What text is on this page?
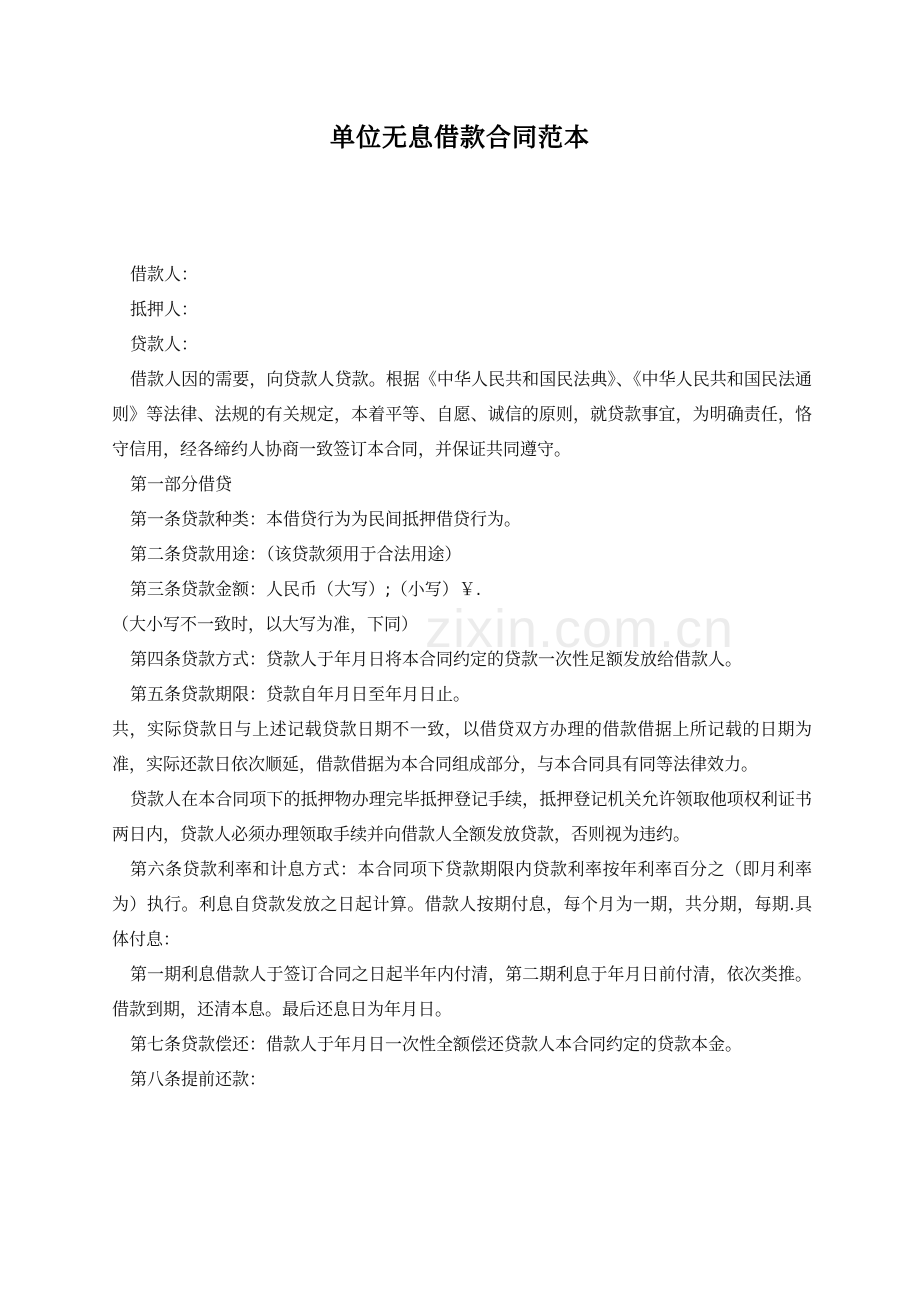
单位无息借款合同范本

借款人：

抵押人：

贷款人：

借款人因的需要，向贷款人贷款。根据《中华人民共和国民法典》、《中华人民共和国民法通则》等法律、法规的有关规定，本着平等、自愿、诚信的原则，就贷款事宜，为明确责任，恪守信用，经各缔约人协商一致签订本合同，并保证共同遵守。

第一部分借贷

第一条贷款种类：本借贷行为为民间抵押借贷行为。

第二条贷款用途：（该贷款须用于合法用途）

第三条贷款金额：人民币（大写）;（小写）￥.

（大小写不一致时，以大写为准，下同）

第四条贷款方式：贷款人于年月日将本合同约定的贷款一次性足额发放给借款人。

第五条贷款期限：贷款自年月日至年月日止。

共，实际贷款日与上述记载贷款日期不一致，以借贷双方办理的借款借据上所记载的日期为准，实际还款日依次顺延，借款借据为本合同组成部分，与本合同具有同等法律效力。

贷款人在本合同项下的抵押物办理完毕抵押登记手续，抵押登记机关允许领取他项权利证书两日内，贷款人必须办理领取手续并向借款人全额发放贷款，否则视为违约。

第六条贷款利率和计息方式：本合同项下贷款期限内贷款利率按年利率百分之（即月利率为）执行。利息自贷款发放之日起计算。借款人按期付息，每个月为一期，共分期，每期.具体付息：

第一期利息借款人于签订合同之日起半年内付清，第二期利息于年月日前付清，依次类推。借款到期，还清本息。最后还息日为年月日。

第七条贷款偿还：借款人于年月日一次性全额偿还贷款人本合同约定的贷款本金。

第八条提前还款：

zixin.com.cn
